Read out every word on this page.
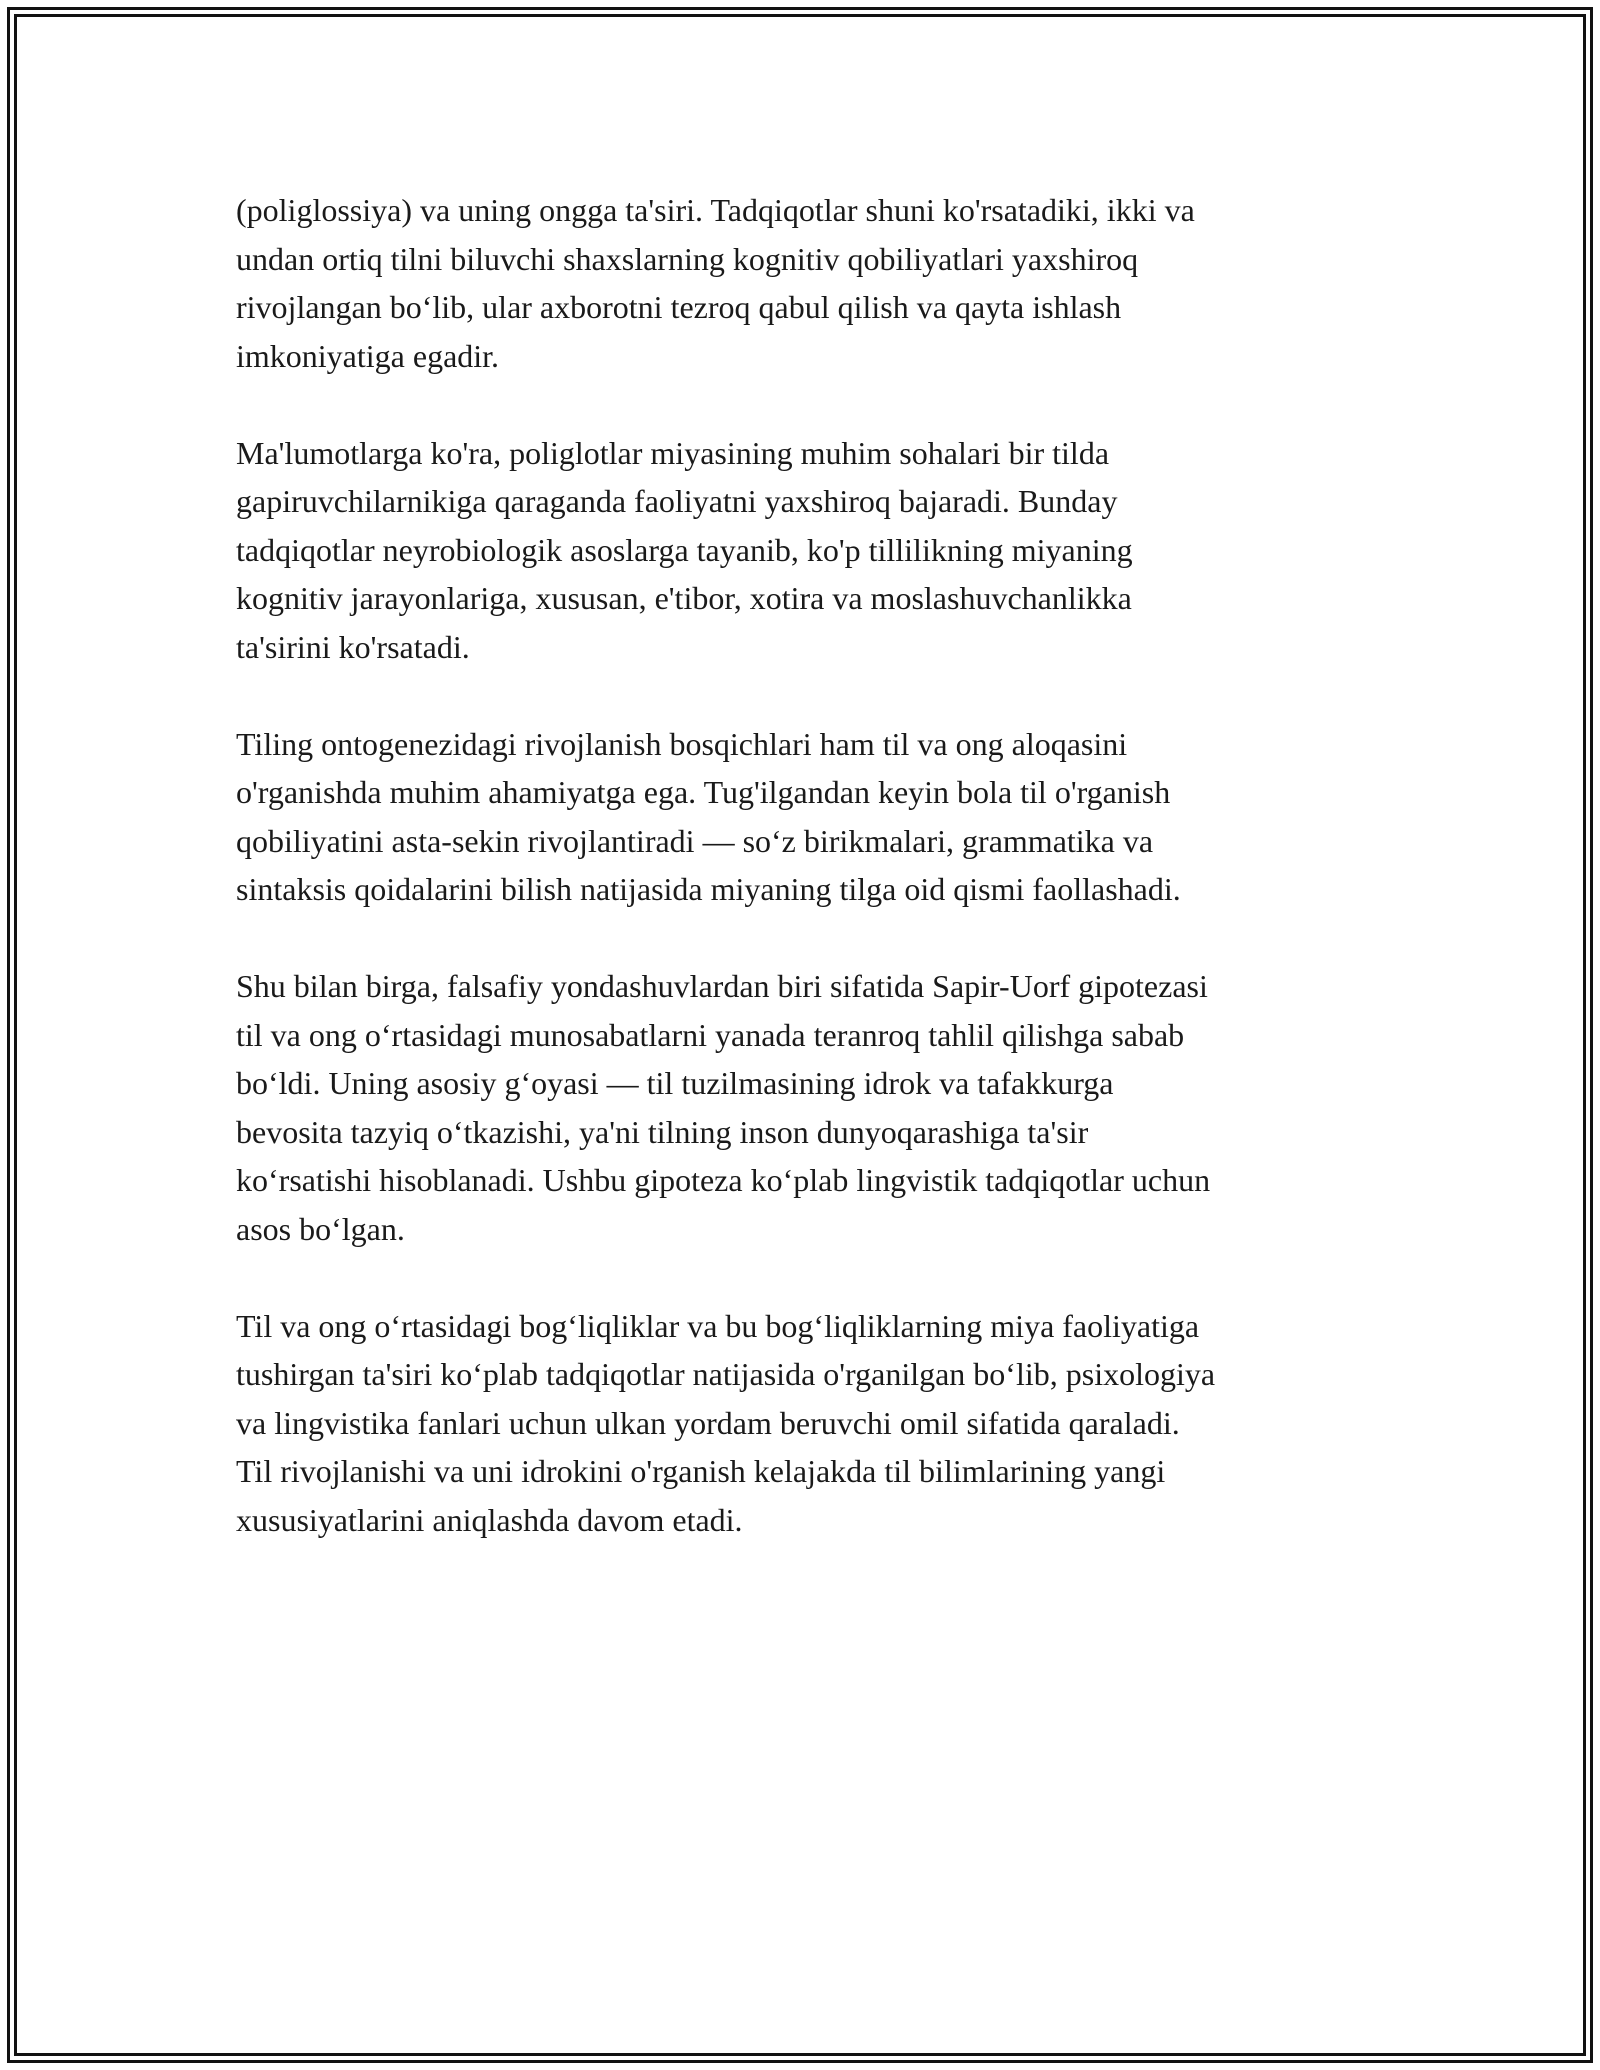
(poliglossiya) va uning ongga ta'siri. Tadqiqotlar shuni ko'rsatadiki, ikki va
undan ortiq tilni biluvchi shaxslarning kognitiv qobiliyatlari yaxshiroq
rivojlangan bo‘lib, ular axborotni tezroq qabul qilish va qayta ishlash
imkoniyatiga egadir.
Ma'lumotlarga ko'ra, poliglotlar miyasining muhim sohalari bir tilda
gapiruvchilarnikiga qaraganda faoliyatni yaxshiroq bajaradi. Bunday
tadqiqotlar neyrobiologik asoslarga tayanib, ko'p tillilikning miyaning
kognitiv jarayonlariga, xususan, e'tibor, xotira va moslashuvchanlikka
ta'sirini ko'rsatadi.
Tiling ontogenezidagi rivojlanish bosqichlari ham til va ong aloqasini
o'rganishda muhim ahamiyatga ega. Tug'ilgandan keyin bola til o'rganish
qobiliyatini asta-sekin rivojlantiradi — so‘z birikmalari, grammatika va
sintaksis qoidalarini bilish natijasida miyaning tilga oid qismi faollashadi.
Shu bilan birga, falsafiy yondashuvlardan biri sifatida Sapir-Uorf gipotezasi
til va ong o‘rtasidagi munosabatlarni yanada teranroq tahlil qilishga sabab
bo‘ldi. Uning asosiy g‘oyasi — til tuzilmasining idrok va tafakkurga
bevosita tazyiq o‘tkazishi, ya'ni tilning inson dunyoqarashiga ta'sir
ko‘rsatishi hisoblanadi. Ushbu gipoteza ko‘plab lingvistik tadqiqotlar uchun
asos bo‘lgan.
Til va ong o‘rtasidagi bog‘liqliklar va bu bog‘liqliklarning miya faoliyatiga
tushirgan ta'siri ko‘plab tadqiqotlar natijasida o'rganilgan bo‘lib, psixologiya
va lingvistika fanlari uchun ulkan yordam beruvchi omil sifatida qaraladi.
Til rivojlanishi va uni idrokini o'rganish kelajakda til bilimlarining yangi
xususiyatlarini aniqlashda davom etadi.
